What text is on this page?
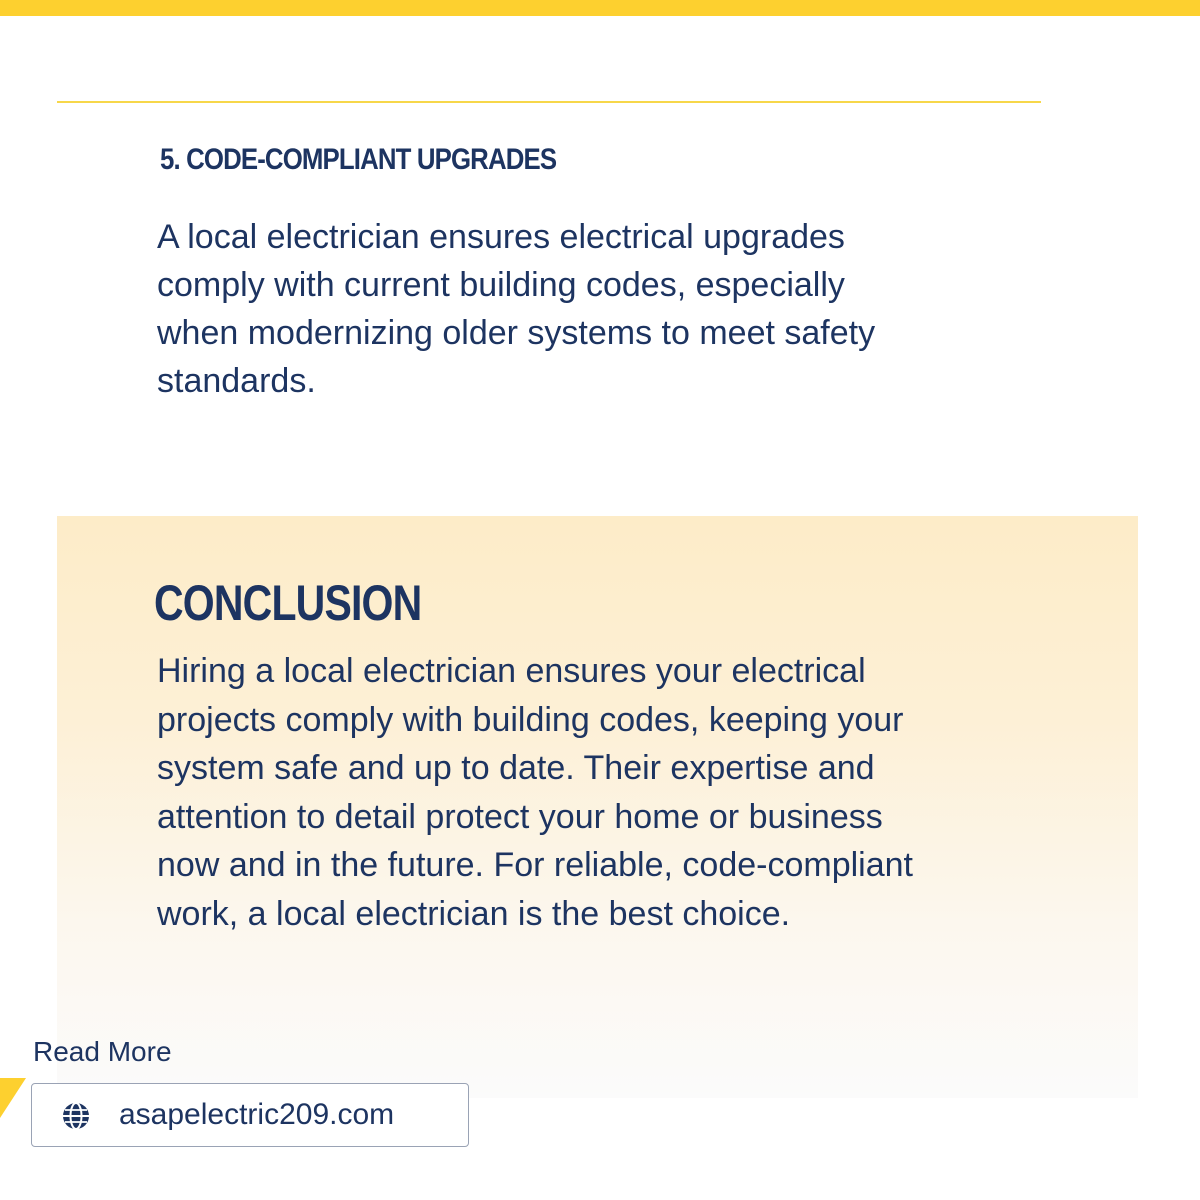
5. CODE-COMPLIANT UPGRADES

A local electrician ensures electrical upgrades
comply with current building codes, especially
when modernizing older systems to meet safety
standards.

CONCLUSION

Hiring a local electrician ensures your electrical
projects comply with building codes, keeping your
system safe and up to date. Their expertise and
attention to detail protect your home or business
now and in the future. For reliable, code-compliant
work, a local electrician is the best choice.

Read More

asapelectric209.com
